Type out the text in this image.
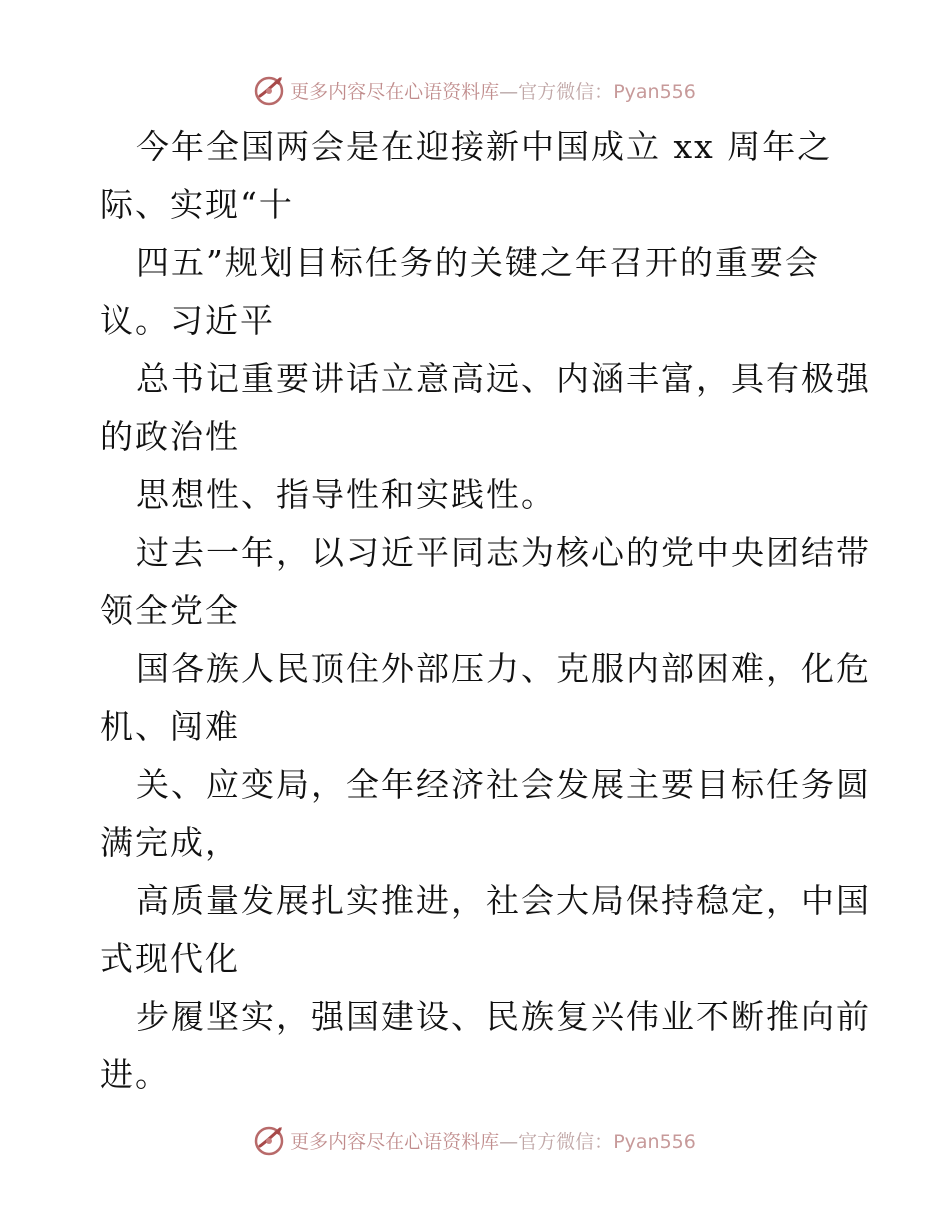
更多内容尽在心语资料库—官方微信：Pyan556

今年全国两会是在迎接新中国成立 xx 周年之
际、实现“十

四五”规划目标任务的关键之年召开的重要会
议。习近平

总书记重要讲话立意高远、内涵丰富，具有极强
的政治性

思想性、指导性和实践性。

过去一年，以习近平同志为核心的党中央团结带
领全党全

国各族人民顶住外部压力、克服内部困难，化危
机、闯难

关、应变局，全年经济社会发展主要目标任务圆
满完成，

高质量发展扎实推进，社会大局保持稳定，中国
式现代化

步履坚实，强国建设、民族复兴伟业不断推向前
进。

更多内容尽在心语资料库—官方微信：Pyan556
